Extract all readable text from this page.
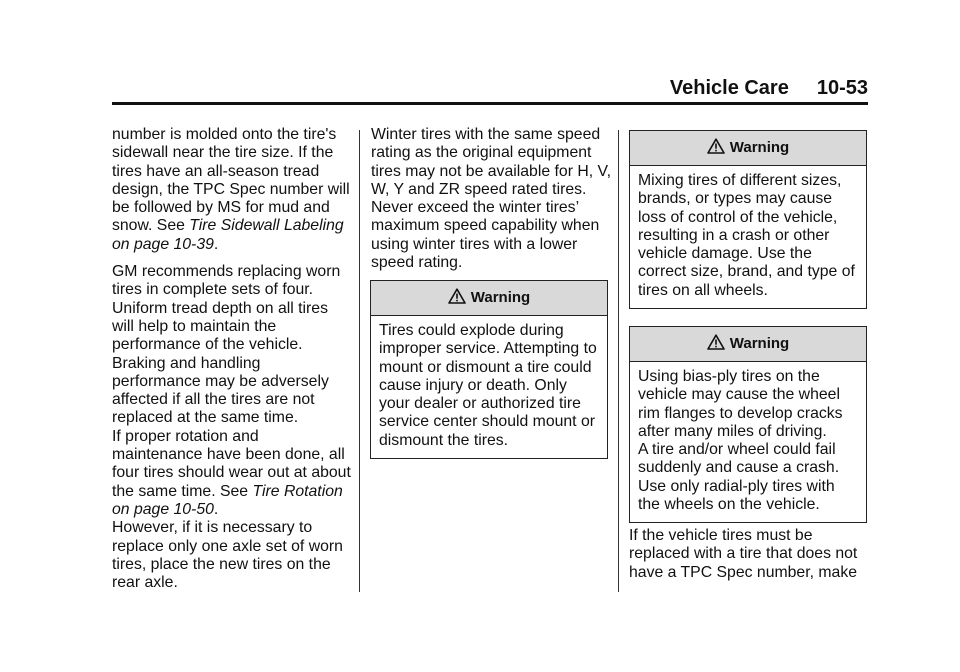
Vehicle Care 10-53

number is molded onto the tire's sidewall near the tire size. If the tires have an all-season tread design, the TPC Spec number will be followed by MS for mud and snow. See Tire Sidewall Labeling on page 10-39.

GM recommends replacing worn tires in complete sets of four. Uniform tread depth on all tires will help to maintain the performance of the vehicle. Braking and handling performance may be adversely affected if all the tires are not replaced at the same time.

If proper rotation and maintenance have been done, all four tires should wear out at about the same time. See Tire Rotation on page 10-50.

However, if it is necessary to replace only one axle set of worn tires, place the new tires on the rear axle.

Winter tires with the same speed rating as the original equipment tires may not be available for H, V, W, Y and ZR speed rated tires. Never exceed the winter tires’ maximum speed capability when using winter tires with a lower speed rating.

Warning
Tires could explode during improper service. Attempting to mount or dismount a tire could cause injury or death. Only your dealer or authorized tire service center should mount or dismount the tires.
Warning
Mixing tires of different sizes, brands, or types may cause loss of control of the vehicle, resulting in a crash or other vehicle damage. Use the correct size, brand, and type of tires on all wheels.
Warning
Using bias-ply tires on the vehicle may cause the wheel rim flanges to develop cracks after many miles of driving.
A tire and/or wheel could fail suddenly and cause a crash. Use only radial-ply tires with the wheels on the vehicle.

If the vehicle tires must be replaced with a tire that does not have a TPC Spec number, make
